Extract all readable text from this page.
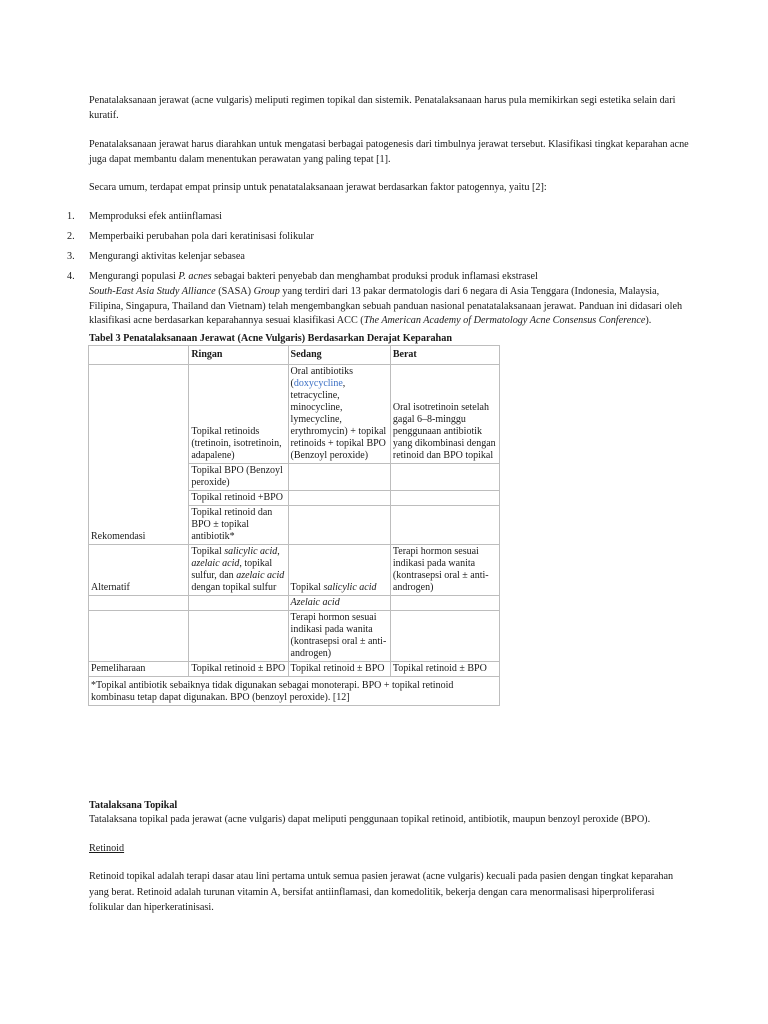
Penatalaksanaan jerawat (acne vulgaris) meliputi regimen topikal dan sistemik. Penatalaksanaan harus pula memikirkan segi estetika selain dari kuratif.

Penatalaksanaan jerawat harus diarahkan untuk mengatasi berbagai patogenesis dari timbulnya jerawat tersebut. Klasifikasi tingkat keparahan acne juga dapat membantu dalam menentukan perawatan yang paling tepat [1].

Secara umum, terdapat empat prinsip untuk penatatalaksanaan jerawat berdasarkan faktor patogennya, yaitu [2]:

1. Memproduksi efek antiinflamasi
2. Memperbaiki perubahan pola dari keratinisasi folikular
3. Mengurangi aktivitas kelenjar sebasea
4. Mengurangi populasi P. acnes sebagai bakteri penyebab dan menghambat produksi produk inflamasi ekstrasel

South-East Asia Study Alliance (SASA) Group yang terdiri dari 13 pakar dermatologis dari 6 negara di Asia Tenggara (Indonesia, Malaysia, Filipina, Singapura, Thailand dan Vietnam) telah mengembangkan sebuah panduan nasional penatatalaksanaan jerawat. Panduan ini didasari oleh klasifikasi acne berdasarkan keparahannya sesuai klasifikasi ACC (The American Academy of Dermatology Acne Consensus Conference).

Tabel 3 Penatalaksanaan Jerawat (Acne Vulgaris) Berdasarkan Derajat Keparahan
	Ringan	Sedang	Berat
Rekomendasi	Topikal retinoids (tretinoin, isotretinoin, adapalene)	Oral antibiotiks (doxycycline, tetracycline, minocycline, lymecycline, erythromycin) + topikal retinoids + topikal BPO (Benzoyl peroxide)	Oral isotretinoin setelah gagal 6–8-minggu penggunaan antibiotik yang dikombinasi dengan retinoid dan BPO topikal
	Topikal BPO (Benzoyl peroxide)		
	Topikal retinoid +BPO		
	Topikal retinoid dan BPO ± topikal antibiotik*		
Alternatif	Topikal salicylic acid, azelaic acid, topikal sulfur, dan azelaic acid dengan topikal sulfur	Topikal salicylic acid	Terapi hormon sesuai indikasi pada wanita (kontrasepsi oral ± anti-androgen)
		Azelaic acid	
		Terapi hormon sesuai indikasi pada wanita (kontrasepsi oral ± anti-androgen)	
Pemeliharaan	Topikal retinoid ± BPO	Topikal retinoid ± BPO	Topikal retinoid ± BPO
*Topikal antibiotik sebaiknya tidak digunakan sebagai monoterapi. BPO + topikal retinoid kombinasu tetap dapat digunakan. BPO (benzoyl peroxide). [12]			
Tatalaksana Topikal

Tatalaksana topikal pada jerawat (acne vulgaris) dapat meliputi penggunaan topikal retinoid, antibiotik, maupun benzoyl peroxide (BPO).

Retinoid

Retinoid topikal adalah terapi dasar atau lini pertama untuk semua pasien jerawat (acne vulgaris) kecuali pada pasien dengan tingkat keparahan yang berat. Retinoid adalah turunan vitamin A, bersifat antiinflamasi, dan komedolitik, bekerja dengan cara menormalisasi hiperproliferasi folikular dan hiperkeratinisasi.
